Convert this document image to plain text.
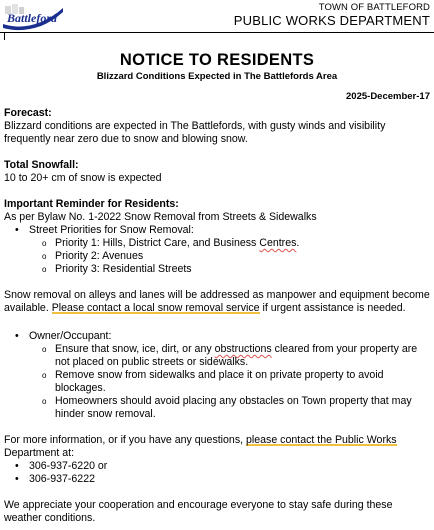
Battleford
TOWN OF BATTLEFORD
PUBLIC WORKS DEPARTMENT
NOTICE TO RESIDENTS
Blizzard Conditions Expected in The Battlefords Area
2025-December-17

Forecast:

Blizzard conditions are expected in The Battlefords, with gusty winds and visibility frequently near zero due to snow and blowing snow.

Total Snowfall:

10 to 20+ cm of snow is expected

Important Reminder for Residents:

As per Bylaw No. 1-2022 Snow Removal from Streets & Sidewalks

• Street Priorities for Snow Removal:
o Priority 1: Hills, District Care, and Business Centres.
o Priority 2: Avenues
o Priority 3: Residential Streets

Snow removal on alleys and lanes will be addressed as manpower and equipment become available. Please contact a local snow removal service if urgent assistance is needed.

• Owner/Occupant:
o Ensure that snow, ice, dirt, or any obstructions cleared from your property are not placed on public streets or sidewalks.
o Remove snow from sidewalks and place it on private property to avoid blockages.
o Homeowners should avoid placing any obstacles on Town property that may hinder snow removal.

For more information, or if you have any questions, please contact the Public Works Department at:

• 306-937-6220 or
• 306-937-6222

We appreciate your cooperation and encourage everyone to stay safe during these weather conditions.
